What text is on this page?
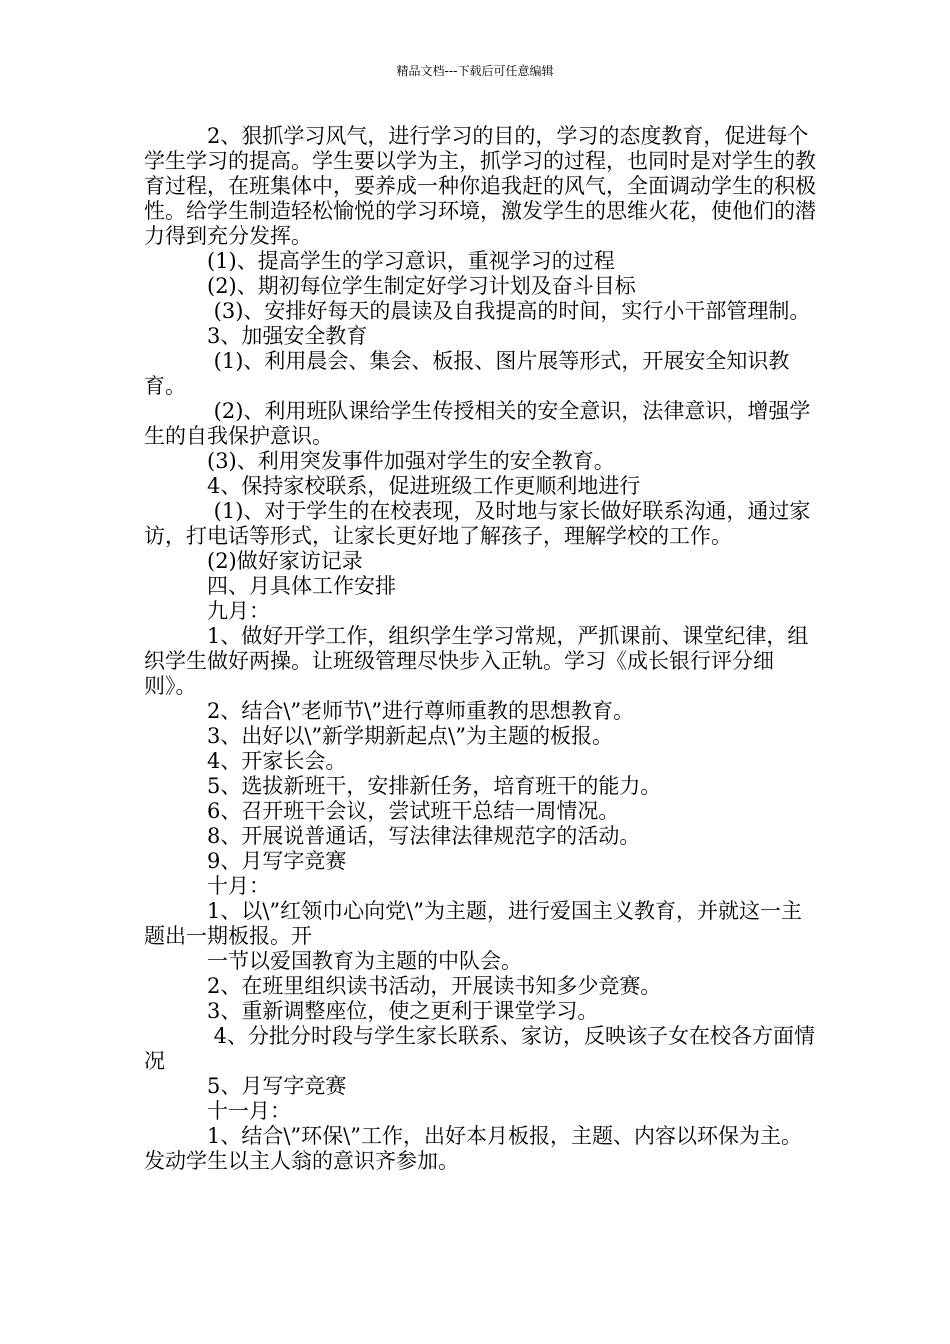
精品文档---下载后可任意编辑

　　　2、狠抓学习风气，进行学习的目的，学习的态度教育，促进每个学生学习的提高。学生要以学为主，抓学习的过程，也同时是对学生的教育过程，在班集体中，要养成一种你追我赶的风气，全面调动学生的积极性。给学生制造轻松愉悦的学习环境，激发学生的思维火花，使他们的潜力得到充分发挥。

　　　(1)、提高学生的学习意识，重视学习的过程

　　　(2)、期初每位学生制定好学习计划及奋斗目标

　　　 (3)、安排好每天的晨读及自我提高的时间，实行小干部管理制。

　　　3、加强安全教育

　　　 (1)、利用晨会、集会、板报、图片展等形式，开展安全知识教育。

　　　 (2)、利用班队课给学生传授相关的安全意识，法律意识，增强学生的自我保护意识。

　　　(3)、利用突发事件加强对学生的安全教育。

　　　4、保持家校联系，促进班级工作更顺利地进行

　　　 (1)、对于学生的在校表现，及时地与家长做好联系沟通，通过家访，打电话等形式，让家长更好地了解孩子，理解学校的工作。

　　　(2)做好家访记录

　　　四、月具体工作安排

　　　九月：

　　　1、做好开学工作，组织学生学习常规，严抓课前、课堂纪律，组织学生做好两操。让班级管理尽快步入正轨。学习《成长银行评分细则》。

　　　2、结合\”老师节\”进行尊师重教的思想教育。

　　　3、出好以\”新学期新起点\”为主题的板报。

　　　4、开家长会。

　　　5、选拔新班干，安排新任务，培育班干的能力。

　　　6、召开班干会议，尝试班干总结一周情况。

　　　8、开展说普通话，写法律法律规范字的活动。

　　　9、月写字竞赛

　　　十月：

　　　1、以\”红领巾心向党\”为主题，进行爱国主义教育，并就这一主题出一期板报。开

　　　一节以爱国教育为主题的中队会。

　　　2、在班里组织读书活动，开展读书知多少竞赛。

　　　3、重新调整座位，使之更利于课堂学习。

　　　 4、分批分时段与学生家长联系、家访，反映该子女在校各方面情况

　　　5、月写字竞赛

　　　十一月：

　　　1、结合\”环保\”工作，出好本月板报，主题、内容以环保为主。发动学生以主人翁的意识齐参加。
